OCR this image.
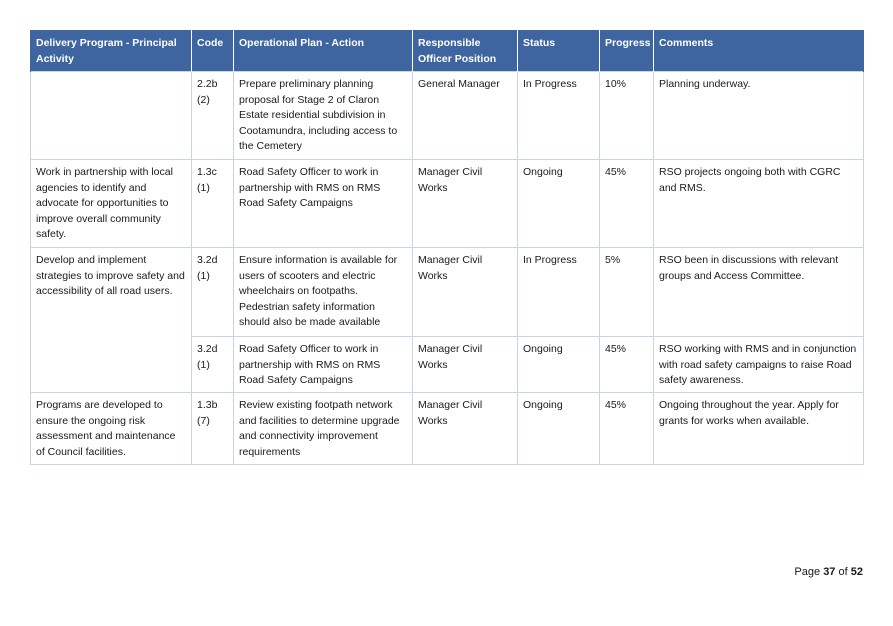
Delivery Program - Principal Activity	Code	Operational Plan - Action	Responsible Officer Position	Status	Progress	Comments
	2.2b (2)	Prepare preliminary planning proposal for Stage 2 of Claron Estate residential subdivision in Cootamundra, including access to the Cemetery	General Manager	In Progress	10%	Planning underway.
Work in partnership with local agencies to identify and advocate for opportunities to improve overall community safety.	1.3c (1)	Road Safety Officer to work in partnership with RMS on RMS Road Safety Campaigns	Manager Civil Works	Ongoing	45%	RSO projects ongoing both with CGRC and RMS.
Develop and implement strategies to improve safety and accessibility of all road users.	3.2d (1)	Ensure information is available for users of scooters and electric wheelchairs on footpaths. Pedestrian safety information should also be made available	Manager Civil Works	In Progress	5%	RSO been in discussions with relevant groups and Access Committee.
	3.2d (1)	Road Safety Officer to work in partnership with RMS on RMS Road Safety Campaigns	Manager Civil Works	Ongoing	45%	RSO working with RMS and in conjunction with road safety campaigns to raise Road safety awareness.
Programs are developed to ensure the ongoing risk assessment and maintenance of Council facilities.	1.3b (7)	Review existing footpath network and facilities to determine upgrade and connectivity improvement requirements	Manager Civil Works	Ongoing	45%	Ongoing throughout the year. Apply for grants for works when available.
Page 37 of 52
